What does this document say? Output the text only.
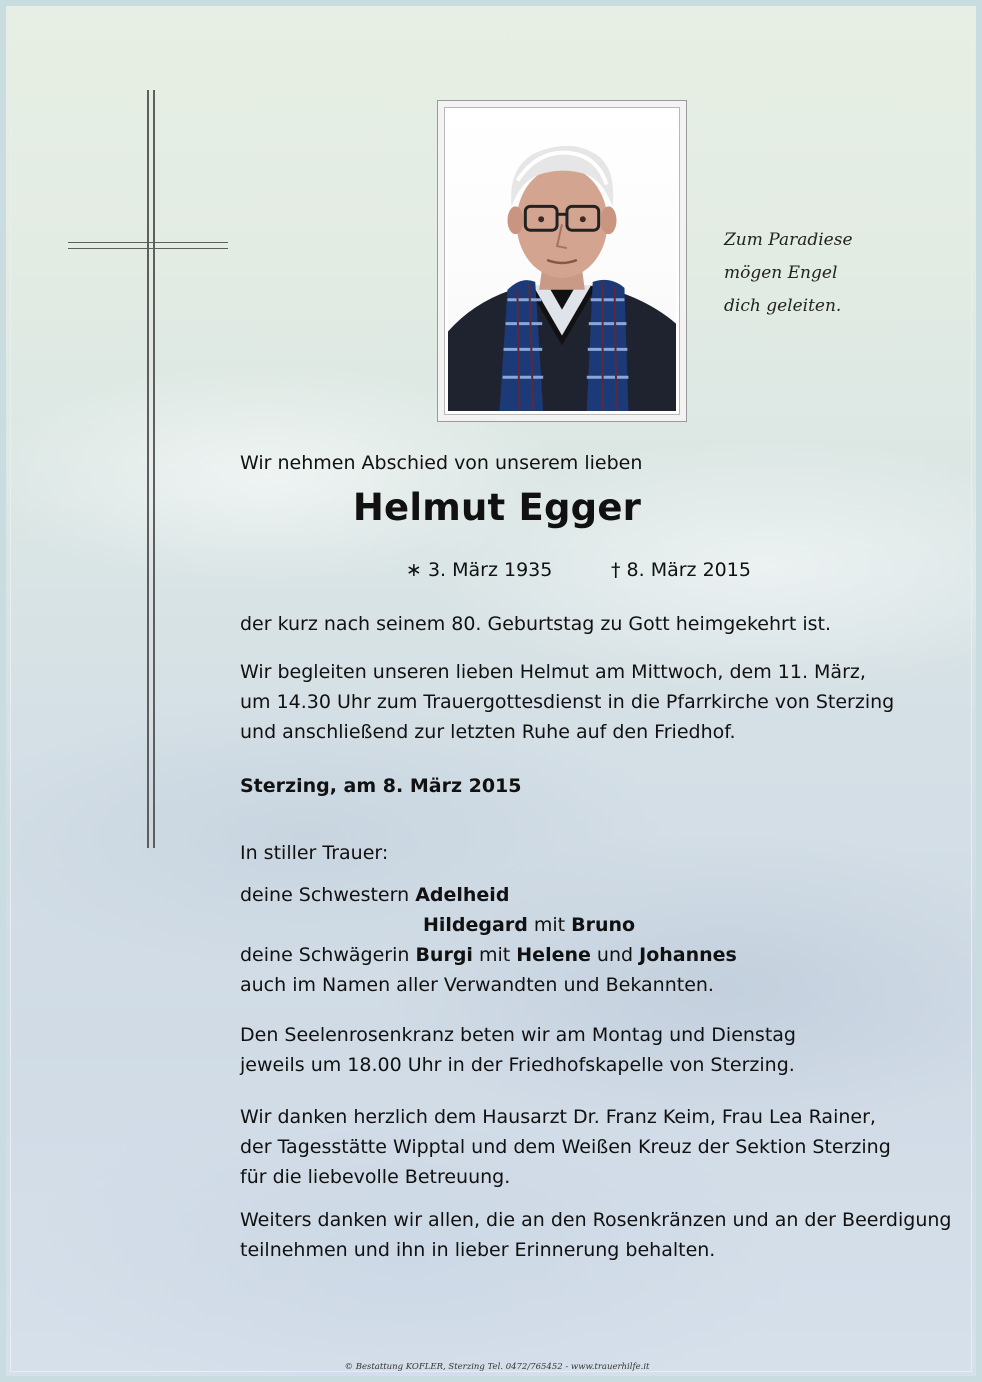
Zum Paradiese
mögen Engel
dich geleiten.
Wir nehmen Abschied von unserem lieben
Helmut Egger
∗ 3. März 1935	† 8. März 2015
der kurz nach seinem 80. Geburtstag zu Gott heimgekehrt ist.
Wir begleiten unseren lieben Helmut am Mittwoch, dem 11. März,
um 14.30 Uhr zum Trauergottesdienst in die Pfarrkirche von Sterzing
und anschließend zur letzten Ruhe auf den Friedhof.
Sterzing, am 8. März 2015
In stiller Trauer:
deine Schwestern Adelheid
Hildegard mit Bruno
deine Schwägerin Burgi mit Helene und Johannes
auch im Namen aller Verwandten und Bekannten.
Den Seelenrosenkranz beten wir am Montag und Dienstag
jeweils um 18.00 Uhr in der Friedhofskapelle von Sterzing.
Wir danken herzlich dem Hausarzt Dr. Franz Keim, Frau Lea Rainer,
der Tagesstätte Wipptal und dem Weißen Kreuz der Sektion Sterzing
für die liebevolle Betreuung.
Weiters danken wir allen, die an den Rosenkränzen und an der Beerdigung
teilnehmen und ihn in lieber Erinnerung behalten.
© Bestattung KOFLER, Sterzing Tel. 0472/765452 - www.trauerhilfe.it
